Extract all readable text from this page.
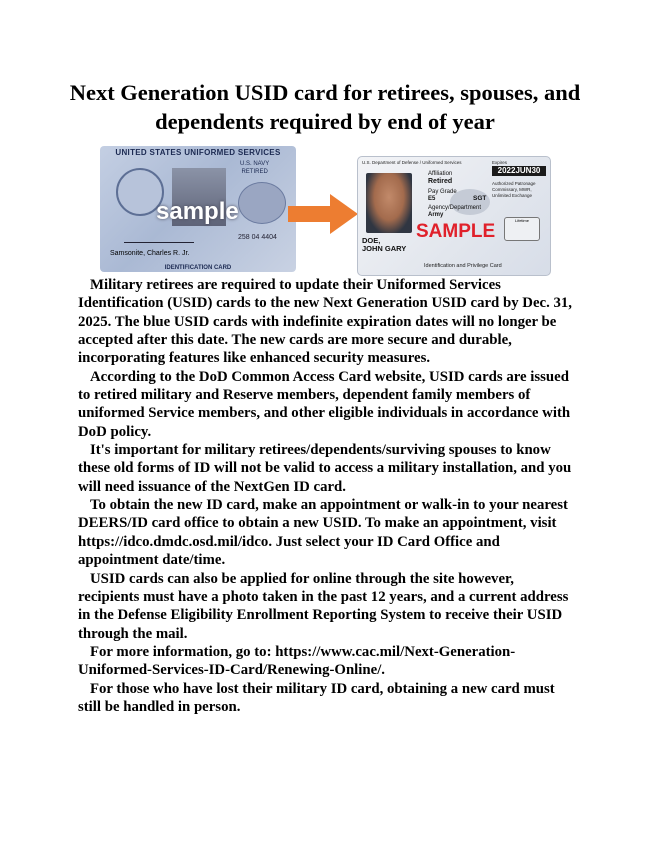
Next Generation USID card for retirees, spouses, and dependents required by end of year
UNITED STATES UNIFORMED SERVICES
U.S. NAVY
RETIRED
sample
258 04 4404
Samsonite, Charles R. Jr.
IDENTIFICATION CARD
U.S. Department of Defense / Uniformed Services	Expires
2022JUN30
Affiliation
Retired	Authorized Patronage
Commissary, MWR, Unlimited Exchange
Pay Grade
E5	SGT
Agency/Department
Army
SAMPLE
Lifetime
DOE,
JOHN GARY
Identification and Privilege Card

Military retirees are required to update their Uniformed Services Identification (USID) cards to the new Next Generation USID card by Dec. 31, 2025. The blue USID cards with indefinite expiration dates will no longer be accepted after this date. The new cards are more secure and durable, incorporating features like enhanced security measures.

According to the DoD Common Access Card website, USID cards are issued to retired military and Reserve members, dependent family members of uniformed Service members, and other eligible individuals in accordance with DoD policy.

It's important for military retirees/dependents/surviving spouses to know these old forms of ID will not be valid to access a military installation, and you will need issuance of the NextGen ID card.

To obtain the new ID card, make an appointment or walk-in to your nearest DEERS/ID card office to obtain a new USID. To make an appointment, visit https://idco.dmdc.osd.mil/idco. Just select your ID Card Office and appointment date/time.

USID cards can also be applied for online through the site however, recipients must have a photo taken in the past 12 years, and a current address in the Defense Eligibility Enrollment Reporting System to receive their USID through the mail.

For more information, go to: https://www.cac.mil/Next-Generation-Uniformed-Services-ID-Card/Renewing-Online/.

For those who have lost their military ID card, obtaining a new card must still be handled in person.
